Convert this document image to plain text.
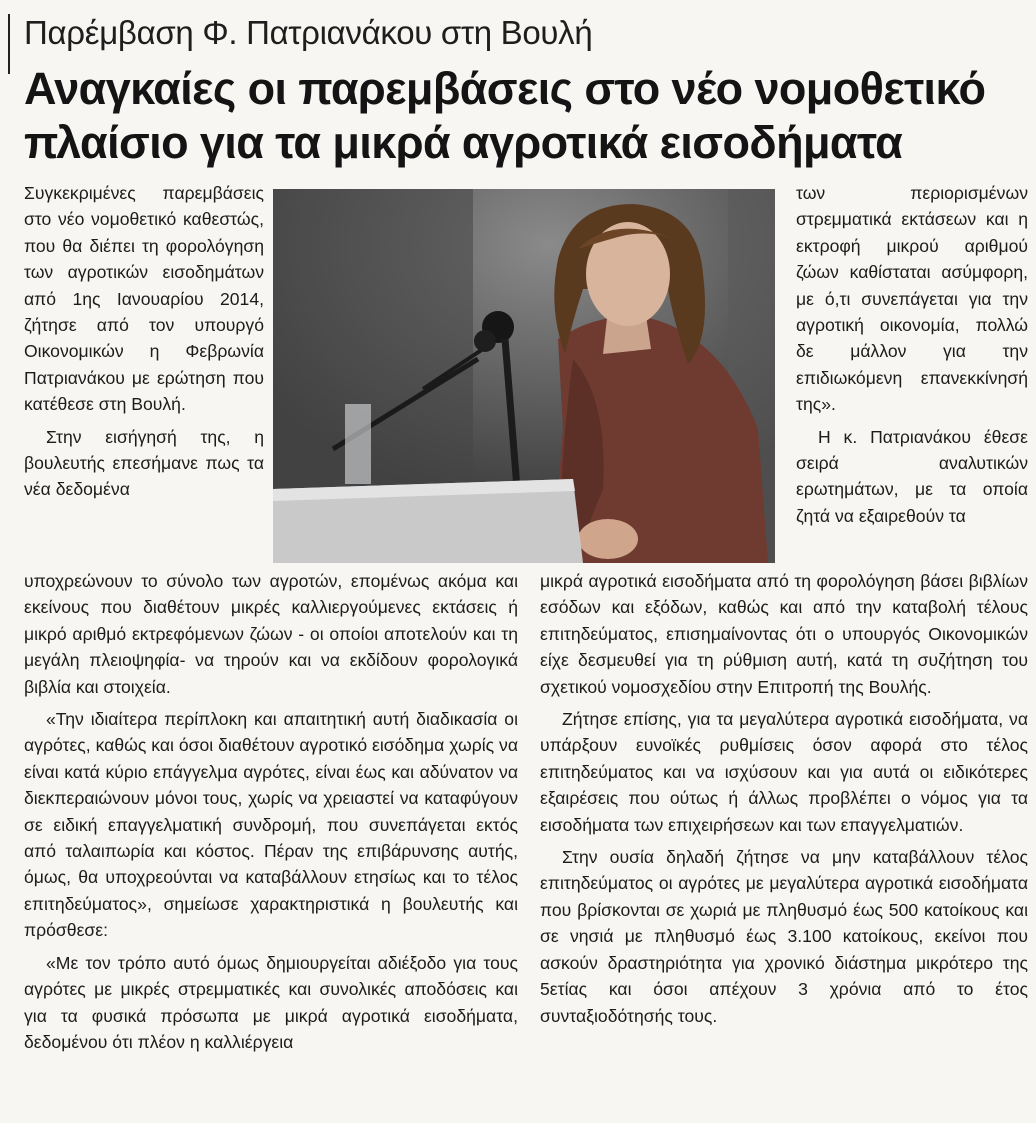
Παρέμβαση Φ. Πατριανάκου στη Βουλή
Αναγκαίες οι παρεμβάσεις στο νέο νομοθετικό πλαίσιο για τα μικρά αγροτικά εισοδήματα

Συγκεκριμένες παρεμβάσεις στο νέο νομοθετικό καθεστώς, που θα διέπει τη φορολόγηση των αγροτικών εισοδημάτων από 1ης Ιανουαρίου 2014, ζήτησε από τον υπουργό Οικονομικών η Φεβρωνία Πατριανάκου με ερώτηση που κατέθεσε στη Βουλή.

Στην εισήγησή της, η βουλευτής επεσήμανε πως τα νέα δεδομένα

των περιορισμένων στρεμματικά εκτάσεων και η εκτροφή μικρού αριθμού ζώων καθίσταται ασύμφορη, με ό,τι συνεπάγεται για την αγροτική οικονομία, πολλώ δε μάλλον για την επιδιωκόμενη επανεκκίνησή της».

Η κ. Πατριανάκου έθεσε σειρά αναλυτικών ερωτημάτων, με τα οποία ζητά να εξαιρεθούν τα

υποχρεώνουν το σύνολο των αγροτών, επομένως ακόμα και εκείνους που διαθέτουν μικρές καλλιεργούμενες εκτάσεις ή μικρό αριθμό εκτρεφόμενων ζώων - οι οποίοι αποτελούν και τη μεγάλη πλειοψηφία- να τηρούν και να εκδίδουν φορολογικά βιβλία και στοιχεία.

«Την ιδιαίτερα περίπλοκη και απαιτητική αυτή διαδικασία οι αγρότες, καθώς και όσοι διαθέτουν αγροτικό εισόδημα χωρίς να είναι κατά κύριο επάγγελμα αγρότες, είναι έως και αδύνατον να διεκπεραιώνουν μόνοι τους, χωρίς να χρειαστεί να καταφύγουν σε ειδική επαγγελματική συνδρομή, που συνεπάγεται εκτός από ταλαιπωρία και κόστος. Πέραν της επιβάρυνσης αυτής, όμως, θα υποχρεούνται να καταβάλλουν ετησίως και το τέλος επιτηδεύματος», σημείωσε χαρακτηριστικά η βουλευτής και πρόσθεσε:

«Με τον τρόπο αυτό όμως δημιουργείται αδιέξοδο για τους αγρότες με μικρές στρεμματικές και συνολικές αποδόσεις και για τα φυσικά πρόσωπα με μικρά αγροτικά εισοδήματα, δεδομένου ότι πλέον η καλλιέργεια

μικρά αγροτικά εισοδήματα από τη φορολόγηση βάσει βιβλίων εσόδων και εξόδων, καθώς και από την καταβολή τέλους επιτηδεύματος, επισημαίνοντας ότι ο υπουργός Οικονομικών είχε δεσμευθεί για τη ρύθμιση αυτή, κατά τη συζήτηση του σχετικού νομοσχεδίου στην Επιτροπή της Βουλής.

Ζήτησε επίσης, για τα μεγαλύτερα αγροτικά εισοδήματα, να υπάρξουν ευνοϊκές ρυθμίσεις όσον αφορά στο τέλος επιτηδεύματος και να ισχύσουν και για αυτά οι ειδικότερες εξαιρέσεις που ούτως ή άλλως προβλέπει ο νόμος για τα εισοδήματα των επιχειρήσεων και των επαγγελματιών.

Στην ουσία δηλαδή ζήτησε να μην καταβάλλουν τέλος επιτηδεύματος οι αγρότες με μεγαλύτερα αγροτικά εισοδήματα που βρίσκονται σε χωριά με πληθυσμό έως 500 κατοίκους και σε νησιά με πληθυσμό έως 3.100 κατοίκους, εκείνοι που ασκούν δραστηριότητα για χρονικό διάστημα μικρότερο της 5ετίας και όσοι απέχουν 3 χρόνια από το έτος συνταξιοδότησής τους.
